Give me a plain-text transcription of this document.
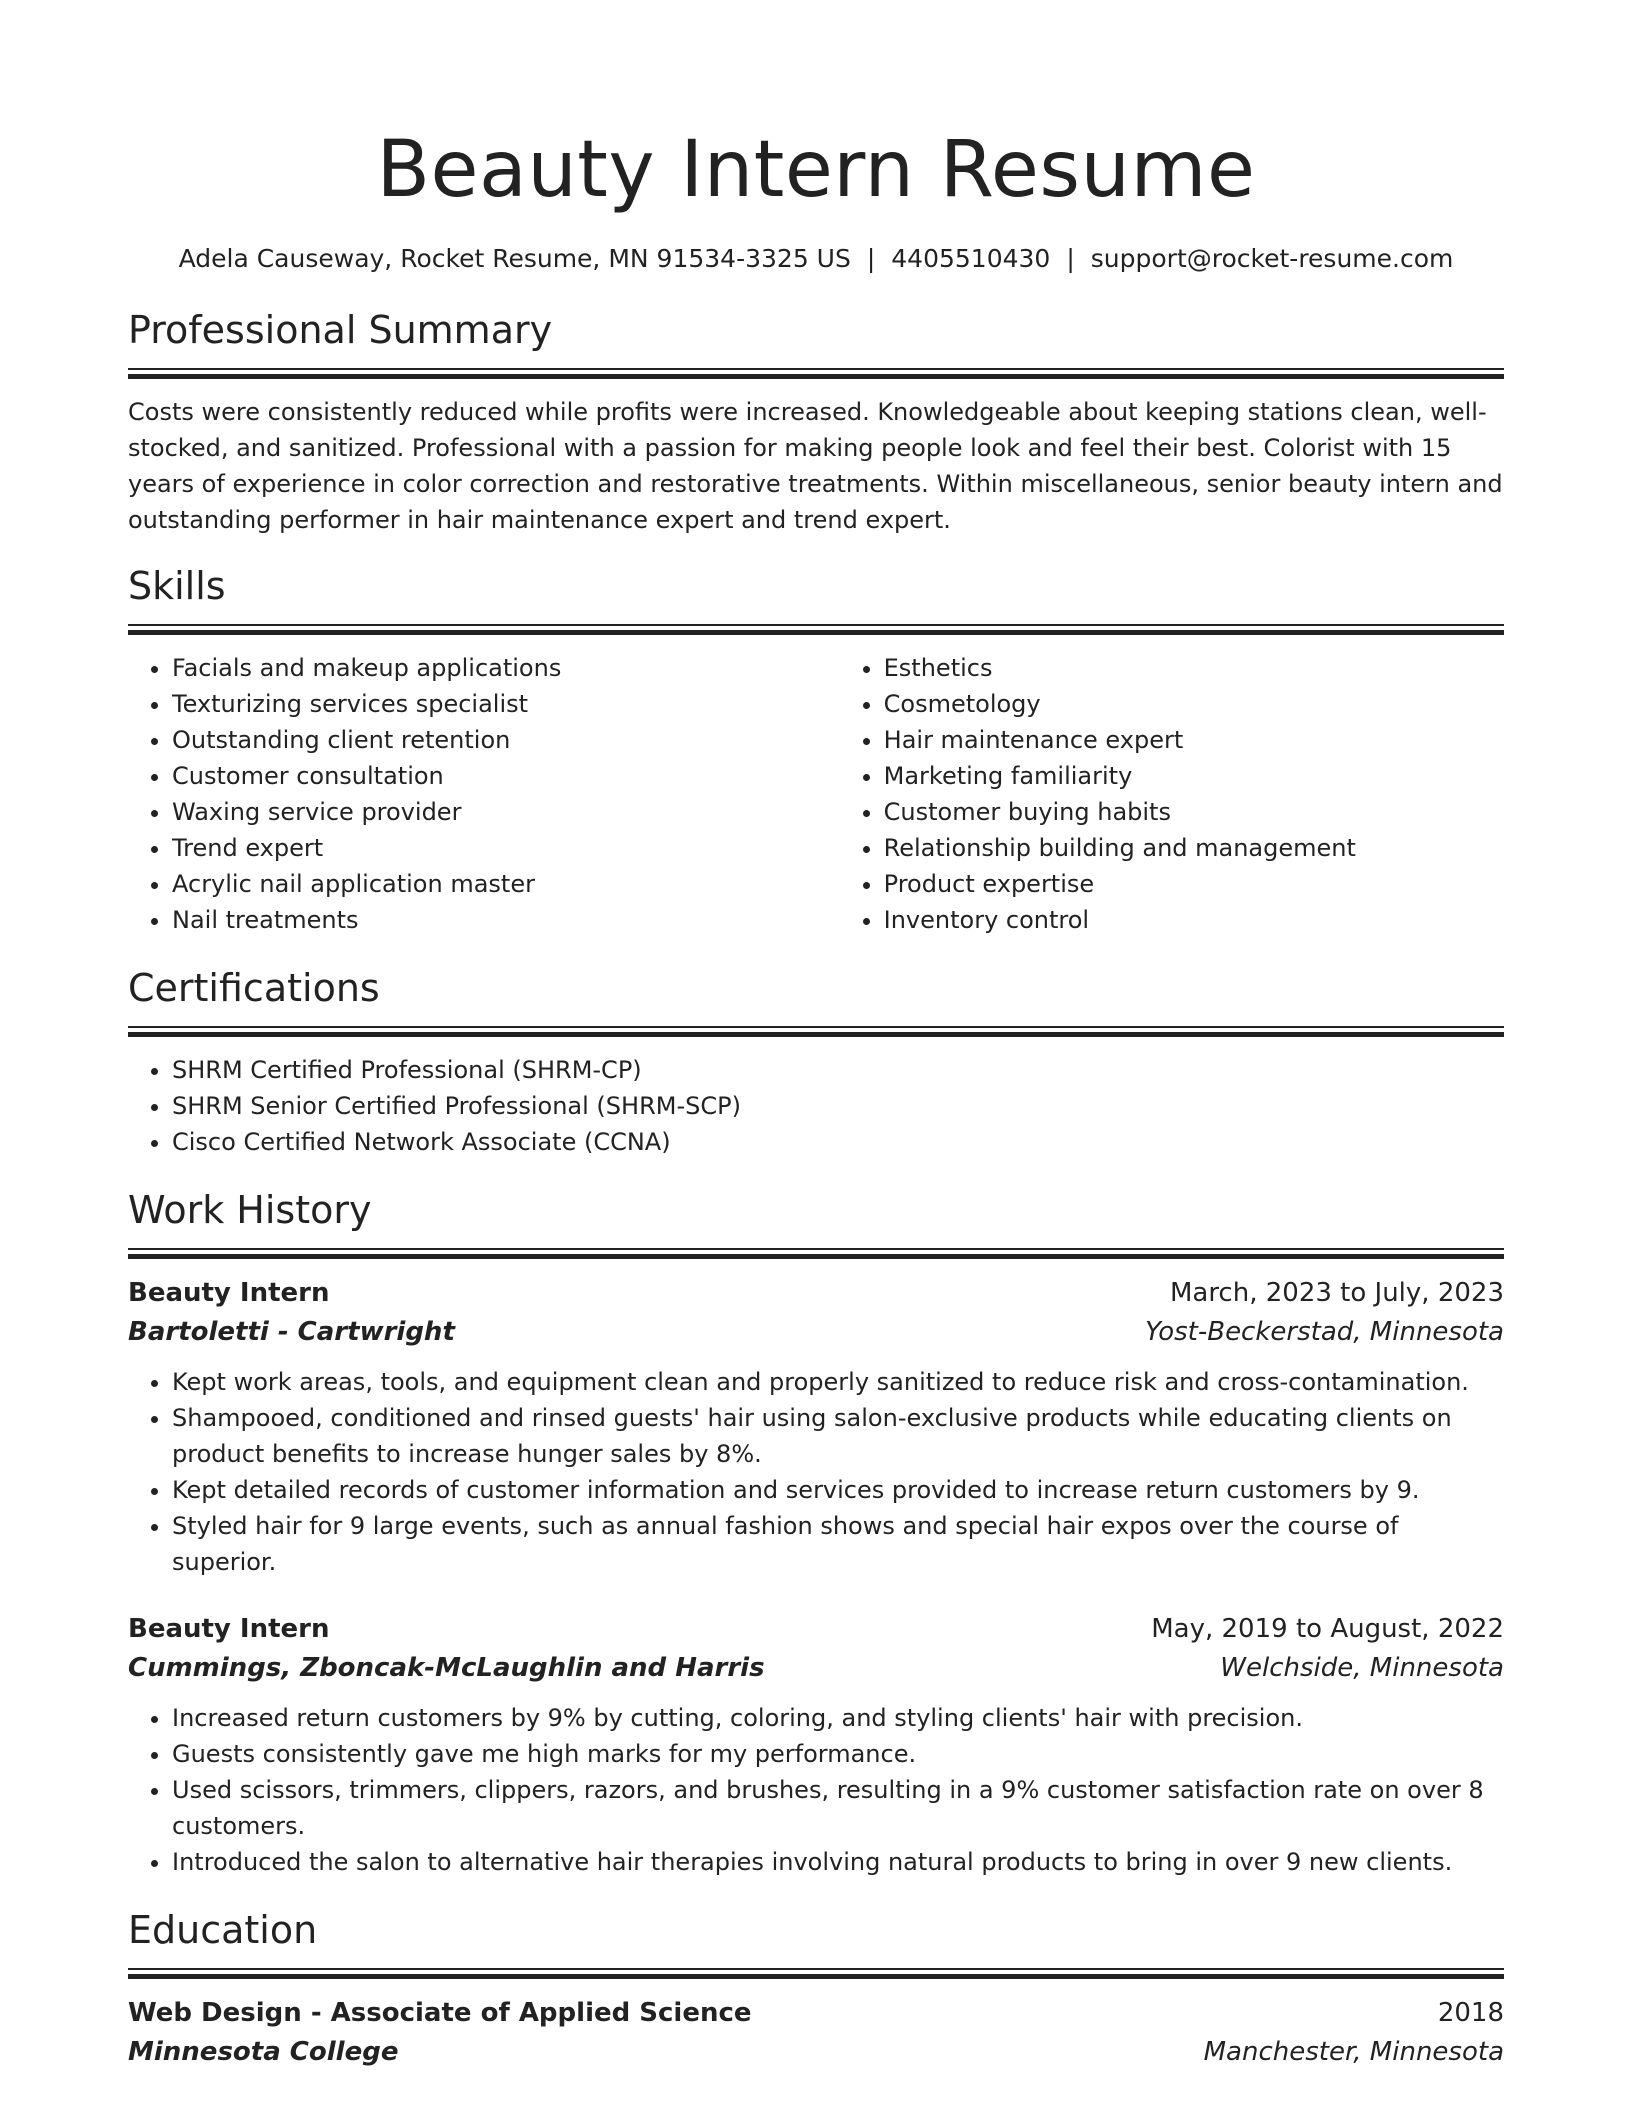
Beauty Intern Resume
Adela Causeway, Rocket Resume, MN 91534-3325 US | 4405510430 | support@rocket-resume.com
Professional Summary

Costs were consistently reduced while profits were increased. Knowledgeable about keeping stations clean, well-stocked, and sanitized. Professional with a passion for making people look and feel their best. Colorist with 15 years of experience in color correction and restorative treatments. Within miscellaneous, senior beauty intern and outstanding performer in hair maintenance expert and trend expert.

Skills
• Facials and makeup applications
• Texturizing services specialist
• Outstanding client retention
• Customer consultation
• Waxing service provider
• Trend expert
• Acrylic nail application master
• Nail treatments
• Esthetics
• Cosmetology
• Hair maintenance expert
• Marketing familiarity
• Customer buying habits
• Relationship building and management
• Product expertise
• Inventory control
Certifications
• SHRM Certified Professional (SHRM-CP)
• SHRM Senior Certified Professional (SHRM-SCP)
• Cisco Certified Network Associate (CCNA)
Work History
Beauty Intern	March, 2023 to July, 2023
Bartoletti - Cartwright	Yost-Beckerstad, Minnesota
• Kept work areas, tools, and equipment clean and properly sanitized to reduce risk and cross-contamination.
• Shampooed, conditioned and rinsed guests' hair using salon-exclusive products while educating clients on product benefits to increase hunger sales by 8%.
• Kept detailed records of customer information and services provided to increase return customers by 9.
• Styled hair for 9 large events, such as annual fashion shows and special hair expos over the course of superior.
Beauty Intern	May, 2019 to August, 2022
Cummings, Zboncak-McLaughlin and Harris	Welchside, Minnesota
• Increased return customers by 9% by cutting, coloring, and styling clients' hair with precision.
• Guests consistently gave me high marks for my performance.
• Used scissors, trimmers, clippers, razors, and brushes, resulting in a 9% customer satisfaction rate on over 8 customers.
• Introduced the salon to alternative hair therapies involving natural products to bring in over 9 new clients.
Education
Web Design - Associate of Applied Science	2018
Minnesota College	Manchester, Minnesota
